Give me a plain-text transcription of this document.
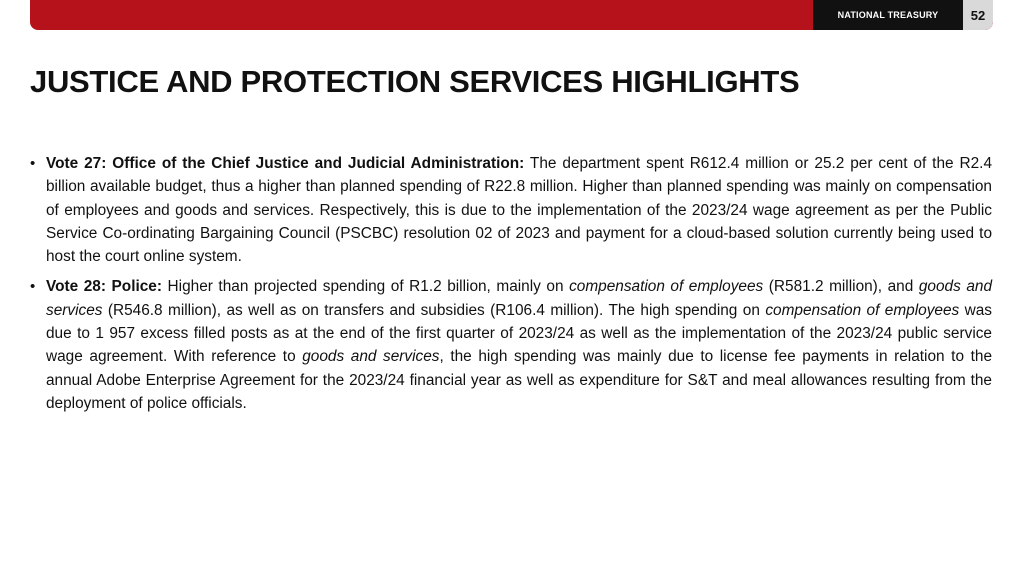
NATIONAL TREASURY	52
JUSTICE AND PROTECTION SERVICES HIGHLIGHTS
• Vote 27: Office of the Chief Justice and Judicial Administration: The department spent R612.4 million or 25.2 per cent of the R2.4 billion available budget, thus a higher than planned spending of R22.8 million. Higher than planned spending was mainly on compensation of employees and goods and services. Respectively, this is due to the implementation of the 2023/24 wage agreement as per the Public Service Co-ordinating Bargaining Council (PSCBC) resolution 02 of 2023 and payment for a cloud-based solution currently being used to host the court online system.
• Vote 28: Police: Higher than projected spending of R1.2 billion, mainly on compensation of employees (R581.2 million), and goods and services (R546.8 million), as well as on transfers and subsidies (R106.4 million). The high spending on compensation of employees was due to 1 957 excess filled posts as at the end of the first quarter of 2023/24 as well as the implementation of the 2023/24 public service wage agreement. With reference to goods and services, the high spending was mainly due to license fee payments in relation to the annual Adobe Enterprise Agreement for the 2023/24 financial year as well as expenditure for S&T and meal allowances resulting from the deployment of police officials.
